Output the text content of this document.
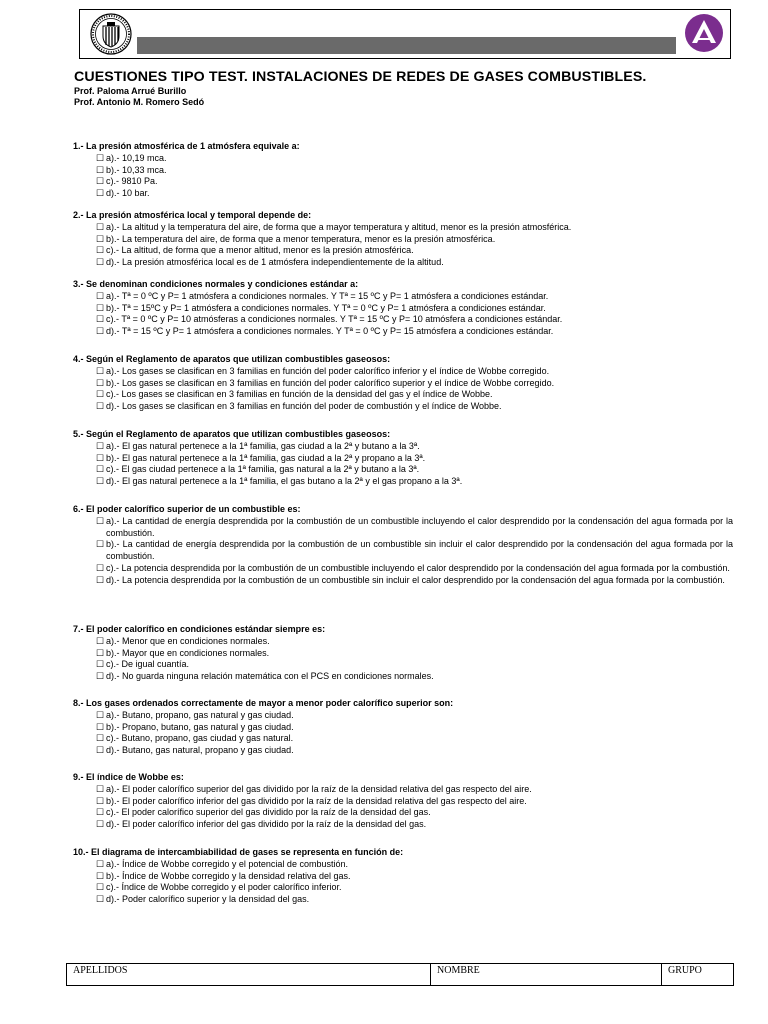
CUESTIONES TIPO TEST. INSTALACIONES DE REDES DE GASES COMBUSTIBLES.
Prof. Paloma Arrué Burillo
Prof. Antonio M. Romero Sedó
1.- La presión atmosférica de 1 atmósfera equivale a:
☐ a).- 10,19 mca.
☐ b).- 10,33 mca.
☐ c).- 9810 Pa.
☐ d).- 10 bar.
2.- La presión atmosférica local y temporal depende de:
☐ a).- La altitud y la temperatura del aire, de forma que a mayor temperatura y altitud, menor es la presión atmosférica.
☐ b).- La temperatura del aire, de forma que a menor temperatura, menor es la presión atmosférica.
☐ c).- La altitud, de forma que a menor altitud, menor es la presión atmosférica.
☐ d).- La presión atmosférica local es de 1 atmósfera independientemente de la altitud.
3.- Se denominan condiciones normales y condiciones estándar a:
☐ a).- Tª = 0 ºC y P= 1 atmósfera a condiciones normales. Y Tª = 15 ºC y P= 1 atmósfera a condiciones estándar.
☐ b).- Tª = 15ºC y P= 1 atmósfera a condiciones normales. Y Tª = 0 ºC y P= 1 atmósfera a condiciones estándar.
☐ c).- Tª = 0 ºC y P= 10 atmósferas a condiciones normales. Y Tª = 15 ºC y P= 10 atmósfera a condiciones estándar.
☐ d).- Tª = 15 ºC y P= 1 atmósfera a condiciones normales. Y Tª = 0 ºC y P= 15 atmósfera a condiciones estándar.
4.- Según el Reglamento de aparatos que utilizan combustibles gaseosos:
☐ a).- Los gases se clasifican en 3 familias en función del poder calorífico inferior y el índice de Wobbe corregido.
☐ b).- Los gases se clasifican en 3 familias en función del poder calorífico superior y el índice de Wobbe corregido.
☐ c).- Los gases se clasifican en 3 familias en función de la densidad del gas y el índice de Wobbe.
☐ d).- Los gases se clasifican en 3 familias en función del poder de combustión y el índice de Wobbe.
5.- Según el Reglamento de aparatos que utilizan combustibles gaseosos:
☐ a).- El gas natural pertenece a la 1ª familia, gas ciudad a la 2ª y butano a la 3ª.
☐ b).- El gas natural pertenece a la 1ª familia, gas ciudad a la 2ª y propano a la 3ª.
☐ c).- El gas ciudad pertenece a la 1ª familia, gas natural a la 2ª y butano a la 3ª.
☐ d).- El gas natural pertenece a la 1ª familia, el gas butano a la 2ª y el gas propano a la 3ª.
6.- El poder calorífico superior de un combustible es:
☐ a).- La cantidad de energía desprendida por la combustión de un combustible incluyendo el calor desprendido por la condensación del agua formada por la combustión.
☐ b).- La cantidad de energía desprendida por la combustión de un combustible sin incluir el calor desprendido por la condensación del agua formada por la combustión.
☐ c).- La potencia desprendida por la combustión de un combustible incluyendo el calor desprendido por la condensación del agua formada por la combustión.
☐ d).- La potencia desprendida por la combustión de un combustible sin incluir el calor desprendido por la condensación del agua formada por la combustión.
7.- El poder calorífico en condiciones estándar siempre es:
☐ a).- Menor que en condiciones normales.
☐ b).- Mayor que en condiciones normales.
☐ c).- De igual cuantía.
☐ d).- No guarda ninguna relación matemática con el PCS en condiciones normales.
8.- Los gases ordenados correctamente de mayor a menor poder calorífico superior son:
☐ a).- Butano, propano, gas natural y gas ciudad.
☐ b).- Propano, butano, gas natural y gas ciudad.
☐ c).- Butano, propano, gas ciudad y gas natural.
☐ d).- Butano, gas natural, propano y gas ciudad.
9.- El índice de Wobbe es:
☐ a).- El poder calorífico superior del gas dividido por la raíz de la densidad relativa del gas respecto del aire.
☐ b).- El poder calorífico inferior del gas dividido por la raíz de la densidad relativa del gas respecto del aire.
☐ c).- El poder calorífico superior del gas dividido por la raíz de la densidad del gas.
☐ d).- El poder calorífico inferior del gas dividido por la raíz de la densidad del gas.
10.- El diagrama de intercambiabilidad de gases se representa en función de:
☐ a).- Índice de Wobbe corregido y el potencial de combustión.
☐ b).- Índice de Wobbe corregido y la densidad relativa del gas.
☐ c).- Índice de Wobbe corregido y el poder calorífico inferior.
☐ d).- Poder calorífico superior y la densidad del gas.
APELLIDOS	NOMBRE	GRUPO
